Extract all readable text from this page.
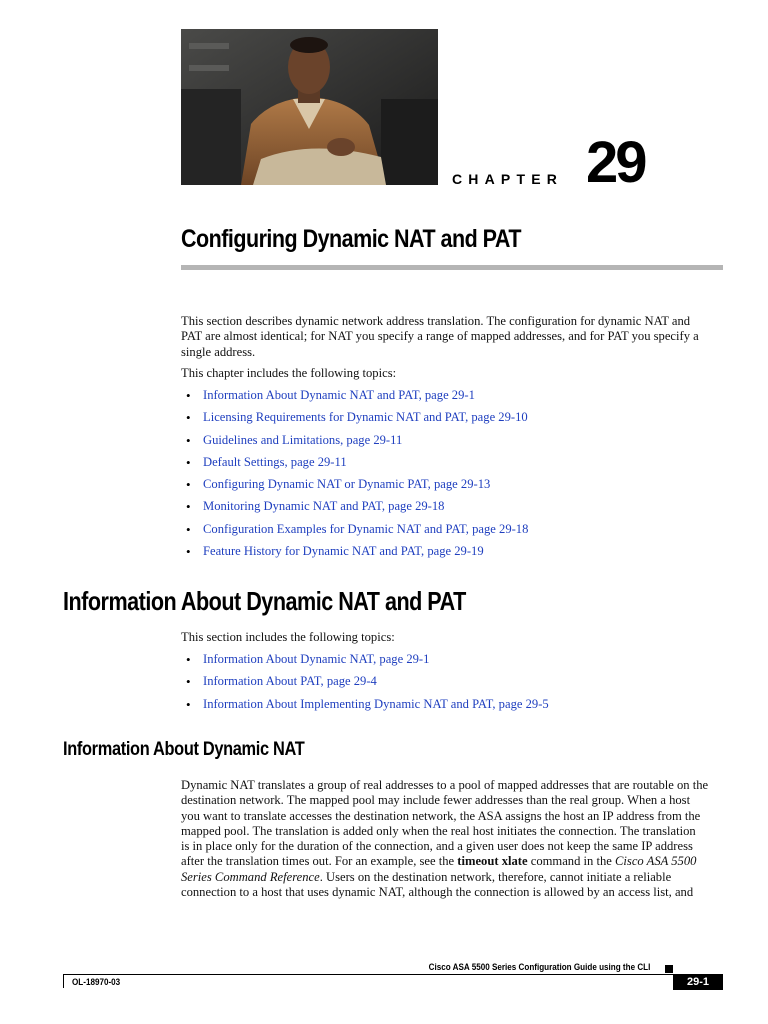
CHAPTER 29
Configuring Dynamic NAT and PAT
This section describes dynamic network address translation. The configuration for dynamic NAT and
PAT are almost identical; for NAT you specify a range of mapped addresses, and for PAT you specify a
single address.
This chapter includes the following topics:
• Information About Dynamic NAT and PAT, page 29-1
• Licensing Requirements for Dynamic NAT and PAT, page 29-10
• Guidelines and Limitations, page 29-11
• Default Settings, page 29-11
• Configuring Dynamic NAT or Dynamic PAT, page 29-13
• Monitoring Dynamic NAT and PAT, page 29-18
• Configuration Examples for Dynamic NAT and PAT, page 29-18
• Feature History for Dynamic NAT and PAT, page 29-19
Information About Dynamic NAT and PAT
This section includes the following topics:
• Information About Dynamic NAT, page 29-1
• Information About PAT, page 29-4
• Information About Implementing Dynamic NAT and PAT, page 29-5
Information About Dynamic NAT
Dynamic NAT translates a group of real addresses to a pool of mapped addresses that are routable on the
destination network. The mapped pool may include fewer addresses than the real group. When a host
you want to translate accesses the destination network, the ASA assigns the host an IP address from the
mapped pool. The translation is added only when the real host initiates the connection. The translation
is in place only for the duration of the connection, and a given user does not keep the same IP address
after the translation times out. For an example, see the timeout xlate command in the Cisco ASA 5500
Series Command Reference. Users on the destination network, therefore, cannot initiate a reliable
connection to a host that uses dynamic NAT, although the connection is allowed by an access list, and
Cisco ASA 5500 Series Configuration Guide using the CLI
OL-18970-03	29-1
